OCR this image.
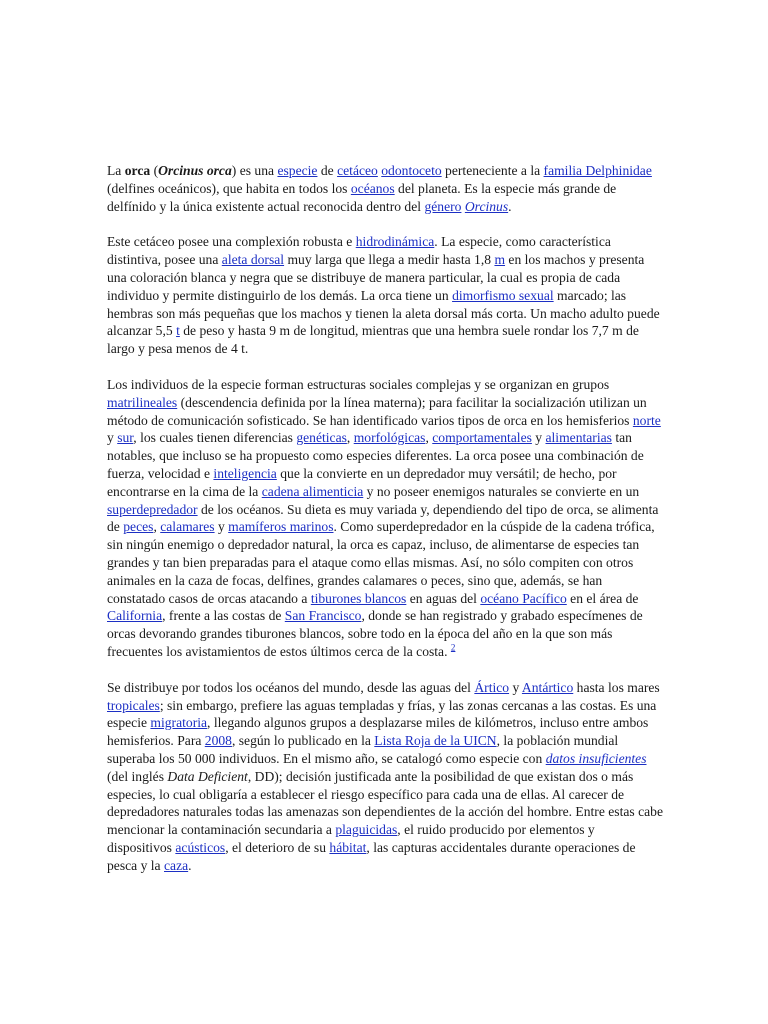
La orca (Orcinus orca) es una especie de cetáceo odontoceto perteneciente a la familia Delphinidae (delfines oceánicos), que habita en todos los océanos del planeta. Es la especie más grande de delfínido y la única existente actual reconocida dentro del género Orcinus.

Este cetáceo posee una complexión robusta e hidrodinámica. La especie, como característica distintiva, posee una aleta dorsal muy larga que llega a medir hasta 1,8 m en los machos y presenta una coloración blanca y negra que se distribuye de manera particular, la cual es propia de cada individuo y permite distinguirlo de los demás. La orca tiene un dimorfismo sexual marcado; las hembras son más pequeñas que los machos y tienen la aleta dorsal más corta. Un macho adulto puede alcanzar 5,5 t de peso y hasta 9 m de longitud, mientras que una hembra suele rondar los 7,7 m de largo y pesa menos de 4 t.

Los individuos de la especie forman estructuras sociales complejas y se organizan en grupos matrilineales (descendencia definida por la línea materna); para facilitar la socialización utilizan un método de comunicación sofisticado. Se han identificado varios tipos de orca en los hemisferios norte y sur, los cuales tienen diferencias genéticas, morfológicas, comportamentales y alimentarias tan notables, que incluso se ha propuesto como especies diferentes. La orca posee una combinación de fuerza, velocidad e inteligencia que la convierte en un depredador muy versátil; de hecho, por encontrarse en la cima de la cadena alimenticia y no poseer enemigos naturales se convierte en un superdepredador de los océanos. Su dieta es muy variada y, dependiendo del tipo de orca, se alimenta de peces, calamares y mamíferos marinos. Como superdepredador en la cúspide de la cadena trófica, sin ningún enemigo o depredador natural, la orca es capaz, incluso, de alimentarse de especies tan grandes y tan bien preparadas para el ataque como ellas mismas. Así, no sólo compiten con otros animales en la caza de focas, delfines, grandes calamares o peces, sino que, además, se han constatado casos de orcas atacando a tiburones blancos en aguas del océano Pacífico en el área de California, frente a las costas de San Francisco, donde se han registrado y grabado especímenes de orcas devorando grandes tiburones blancos, sobre todo en la época del año en la que son más frecuentes los avistamientos de estos últimos cerca de la costa. $^2$

Se distribuye por todos los océanos del mundo, desde las aguas del Ártico y Antártico hasta los mares tropicales; sin embargo, prefiere las aguas templadas y frías, y las zonas cercanas a las costas. Es una especie migratoria, llegando algunos grupos a desplazarse miles de kilómetros, incluso entre ambos hemisferios. Para 2008, según lo publicado en la Lista Roja de la UICN, la población mundial superaba los 50 000 individuos. En el mismo año, se catalogó como especie con datos insuficientes (del inglés Data Deficient, DD); decisión justificada ante la posibilidad de que existan dos o más especies, lo cual obligaría a establecer el riesgo específico para cada una de ellas. Al carecer de depredadores naturales todas las amenazas son dependientes de la acción del hombre. Entre estas cabe mencionar la contaminación secundaria a plaguicidas, el ruido producido por elementos y dispositivos acústicos, el deterioro de su hábitat, las capturas accidentales durante operaciones de pesca y la caza.
